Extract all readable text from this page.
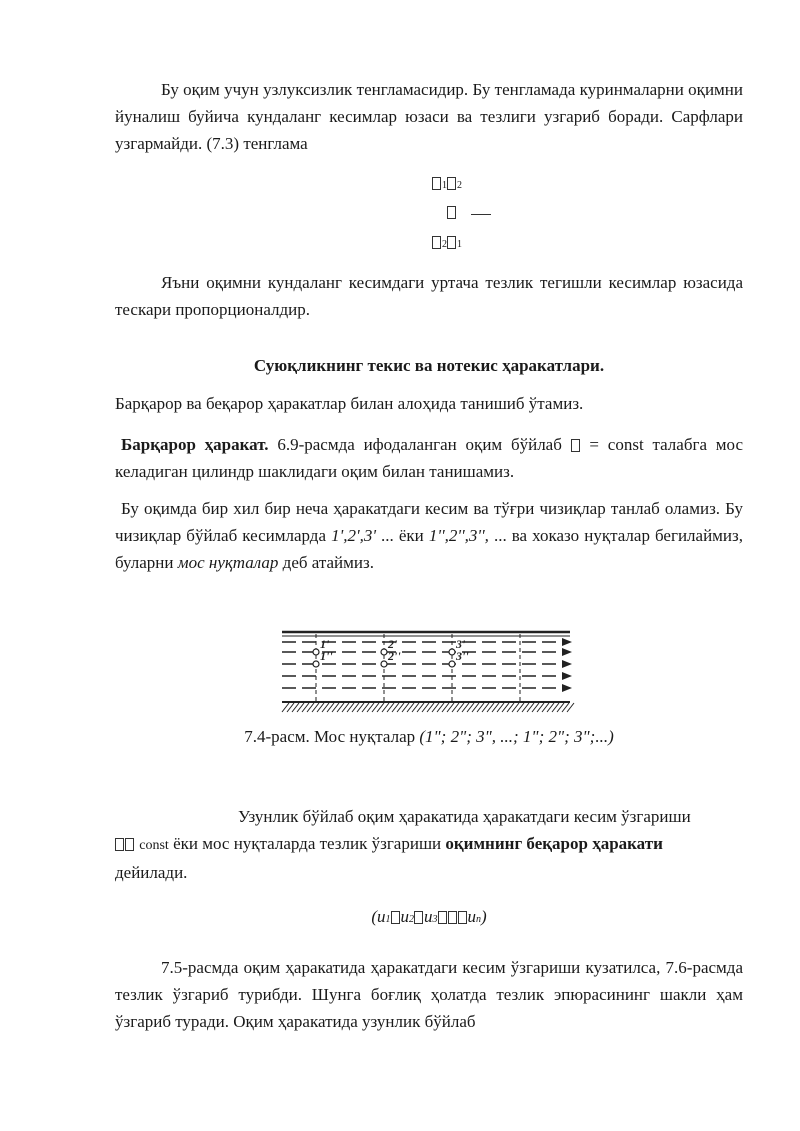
Бу оқим учун узлуксизлик тенгламасидир. Бу тенгламада куринмаларни оқимни йуналиш буйича кундаланг кесимлар юзаси ва тезлиги узгариб боради. Сарфлари узгармайди. (7.3) тенглама

1 2

2 1

Яъни оқимни кундаланг кесимдаги уртача тезлик тегишли кесимлар юзасида тескари пропорционалдир.

Суюқликнинг текис ва нотекис ҳаракатлари.

Барқарор ва беқарор ҳаракатлар билан алоҳида танишиб ўтамиз.

Барқарор ҳаракат. 6.9-расмда ифодаланган оқим бўйлаб  = const талабга мос келадиган цилиндр шаклидаги оқим билан танишамиз.

Бу оқимда бир хил бир неча ҳаракатдаги кесим ва тўғри чизиқлар танлаб оламиз. Бу чизиқлар бўйлаб кесимларда 1',2',3' ... ёки 1'',2'',3'', ... ва хоказо нуқталар бегилаймиз, буларни мос нуқталар деб атаймиз.

1'	2'	3'
1''	2''	3''
7.4-расм. Мос нуқталар (1"; 2"; 3", ...; 1"; 2"; 3";...)

Узунлик бўйлаб оқим ҳаракатида ҳаракатдаги кесим ўзгариши
const ёки мос нуқталарда тезлик ўзгариши оқимнинг беқарор ҳаракати
дейилади.

(u1 u2 u3 un)

7.5-расмда оқим ҳаракатида ҳаракатдаги кесим ўзгариши кузатилса, 7.6-расмда тезлик ўзгариб турибди. Шунга боғлиқ ҳолатда тезлик эпюрасининг шакли ҳам ўзгариб туради. Оқим ҳаракатида узунлик бўйлаб
